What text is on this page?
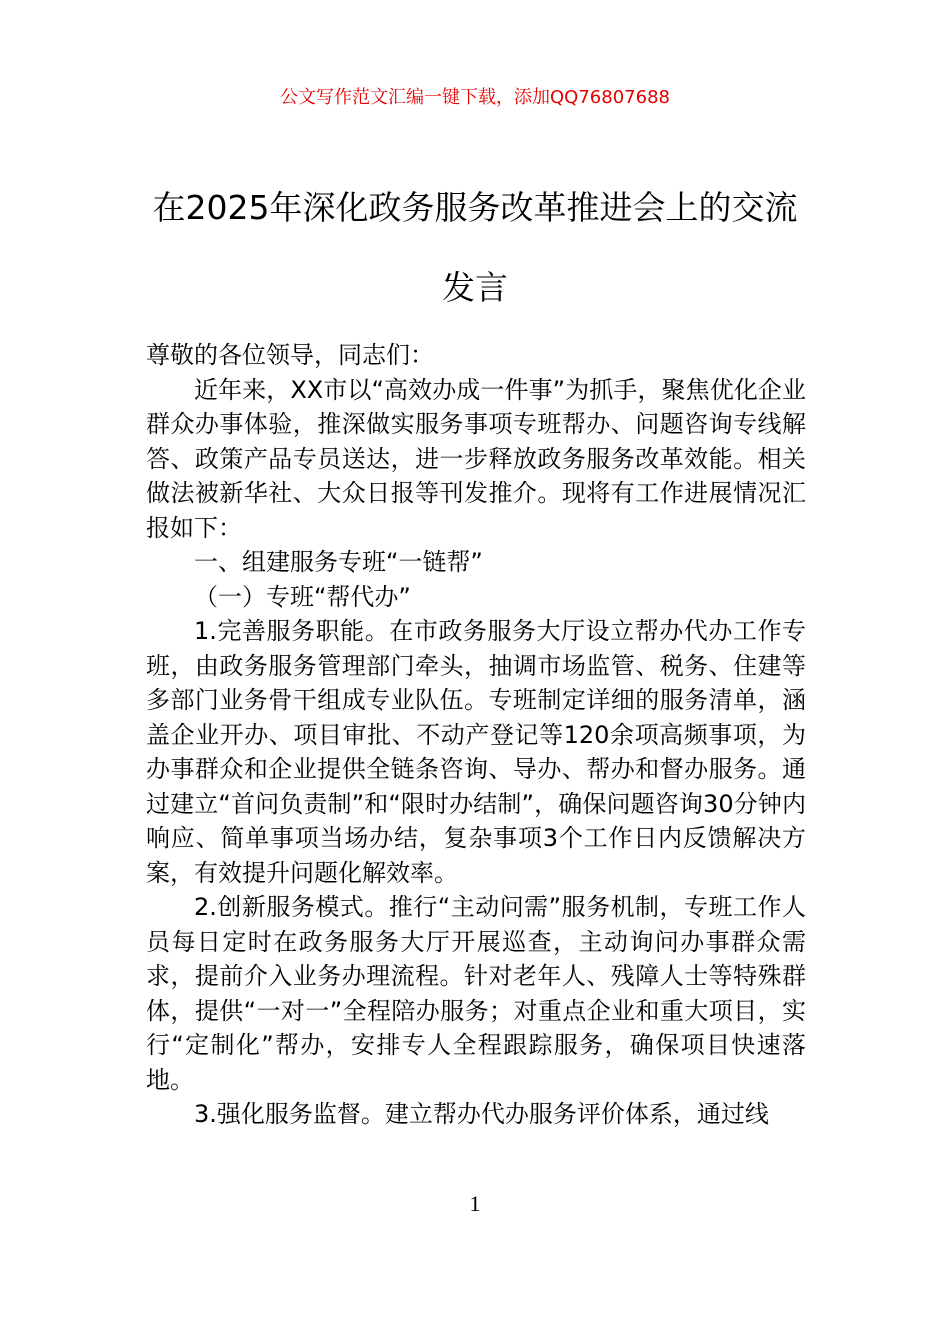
公文写作范文汇编一键下载，添加QQ76807688
在2025年深化政务服务改革推进会上的交流发言

尊敬的各位领导，同志们：

近年来，XX市以“高效办成一件事”为抓手，聚焦优化企业群众办事体验，推深做实服务事项专班帮办、问题咨询专线解答、政策产品专员送达，进一步释放政务服务改革效能。相关做法被新华社、大众日报等刊发推介。现将有工作进展情况汇报如下：

一、组建服务专班“一链帮”

（一）专班“帮代办”

1.完善服务职能。在市政务服务大厅设立帮办代办工作专班，由政务服务管理部门牵头，抽调市场监管、税务、住建等多部门业务骨干组成专业队伍。专班制定详细的服务清单，涵盖企业开办、项目审批、不动产登记等120余项高频事项，为办事群众和企业提供全链条咨询、导办、帮办和督办服务。通过建立“首问负责制”和“限时办结制”，确保问题咨询30分钟内响应、简单事项当场办结，复杂事项3个工作日内反馈解决方案，有效提升问题化解效率。

2.创新服务模式。推行“主动问需”服务机制，专班工作人员每日定时在政务服务大厅开展巡查，主动询问办事群众需求，提前介入业务办理流程。针对老年人、残障人士等特殊群体，提供“一对一”全程陪办服务；对重点企业和重大项目，实行“定制化”帮办，安排专人全程跟踪服务，确保项目快速落地。

3.强化服务监督。建立帮办代办服务评价体系，通过线

1
